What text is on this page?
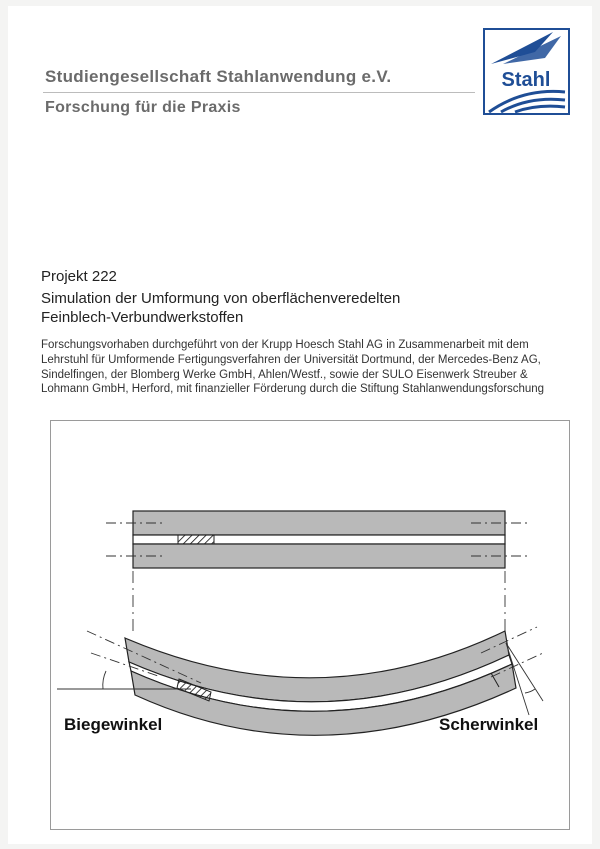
Studiengesellschaft Stahlanwendung e.V.
Forschung für die Praxis
Stahl
Projekt 222
Simulation der Umformung von oberflächenveredelten
Feinblech-Verbundwerkstoffen
Forschungsvorhaben durchgeführt von der Krupp Hoesch Stahl AG in Zusammenarbeit mit dem Lehrstuhl für Umformende Fertigungsverfahren der Universität Dortmund, der Mercedes-Benz AG, Sindelfingen, der Blomberg Werke GmbH, Ahlen/Westf., sowie der SULO Eisenwerk Streuber & Lohmann GmbH, Herford, mit finanzieller Förderung durch die Stiftung Stahlanwendungsforschung
Biegewinkel	Scherwinkel
